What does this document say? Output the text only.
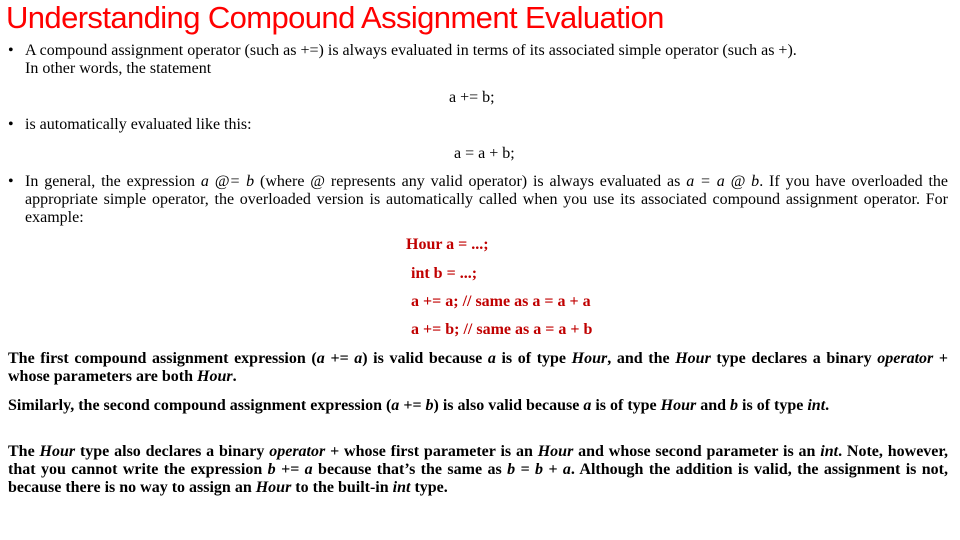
Understanding Compound Assignment Evaluation
• A compound assignment operator (such as +=) is always evaluated in terms of its associated simple operator (such as +).
In other words, the statement
a += b;
• is automatically evaluated like this:
a = a + b;
• In general, the expression a @= b (where @ represents any valid operator) is always evaluated as a = a @ b. If you have overloaded the appropriate simple operator, the overloaded version is automatically called when you use its associated compound assignment operator. For example:
Hour a = ...;
int b = ...;
a += a; // same as a = a + a
a += b; // same as a = a + b
The first compound assignment expression (a += a) is valid because a is of type Hour, and the Hour type declares a binary operator + whose parameters are both Hour.
Similarly, the second compound assignment expression (a += b) is also valid because a is of type Hour and b is of type int.
The Hour type also declares a binary operator + whose first parameter is an Hour and whose second parameter is an int. Note, however, that you cannot write the expression b += a because that’s the same as b = b + a. Although the addition is valid, the assignment is not, because there is no way to assign an Hour to the built-in int type.
